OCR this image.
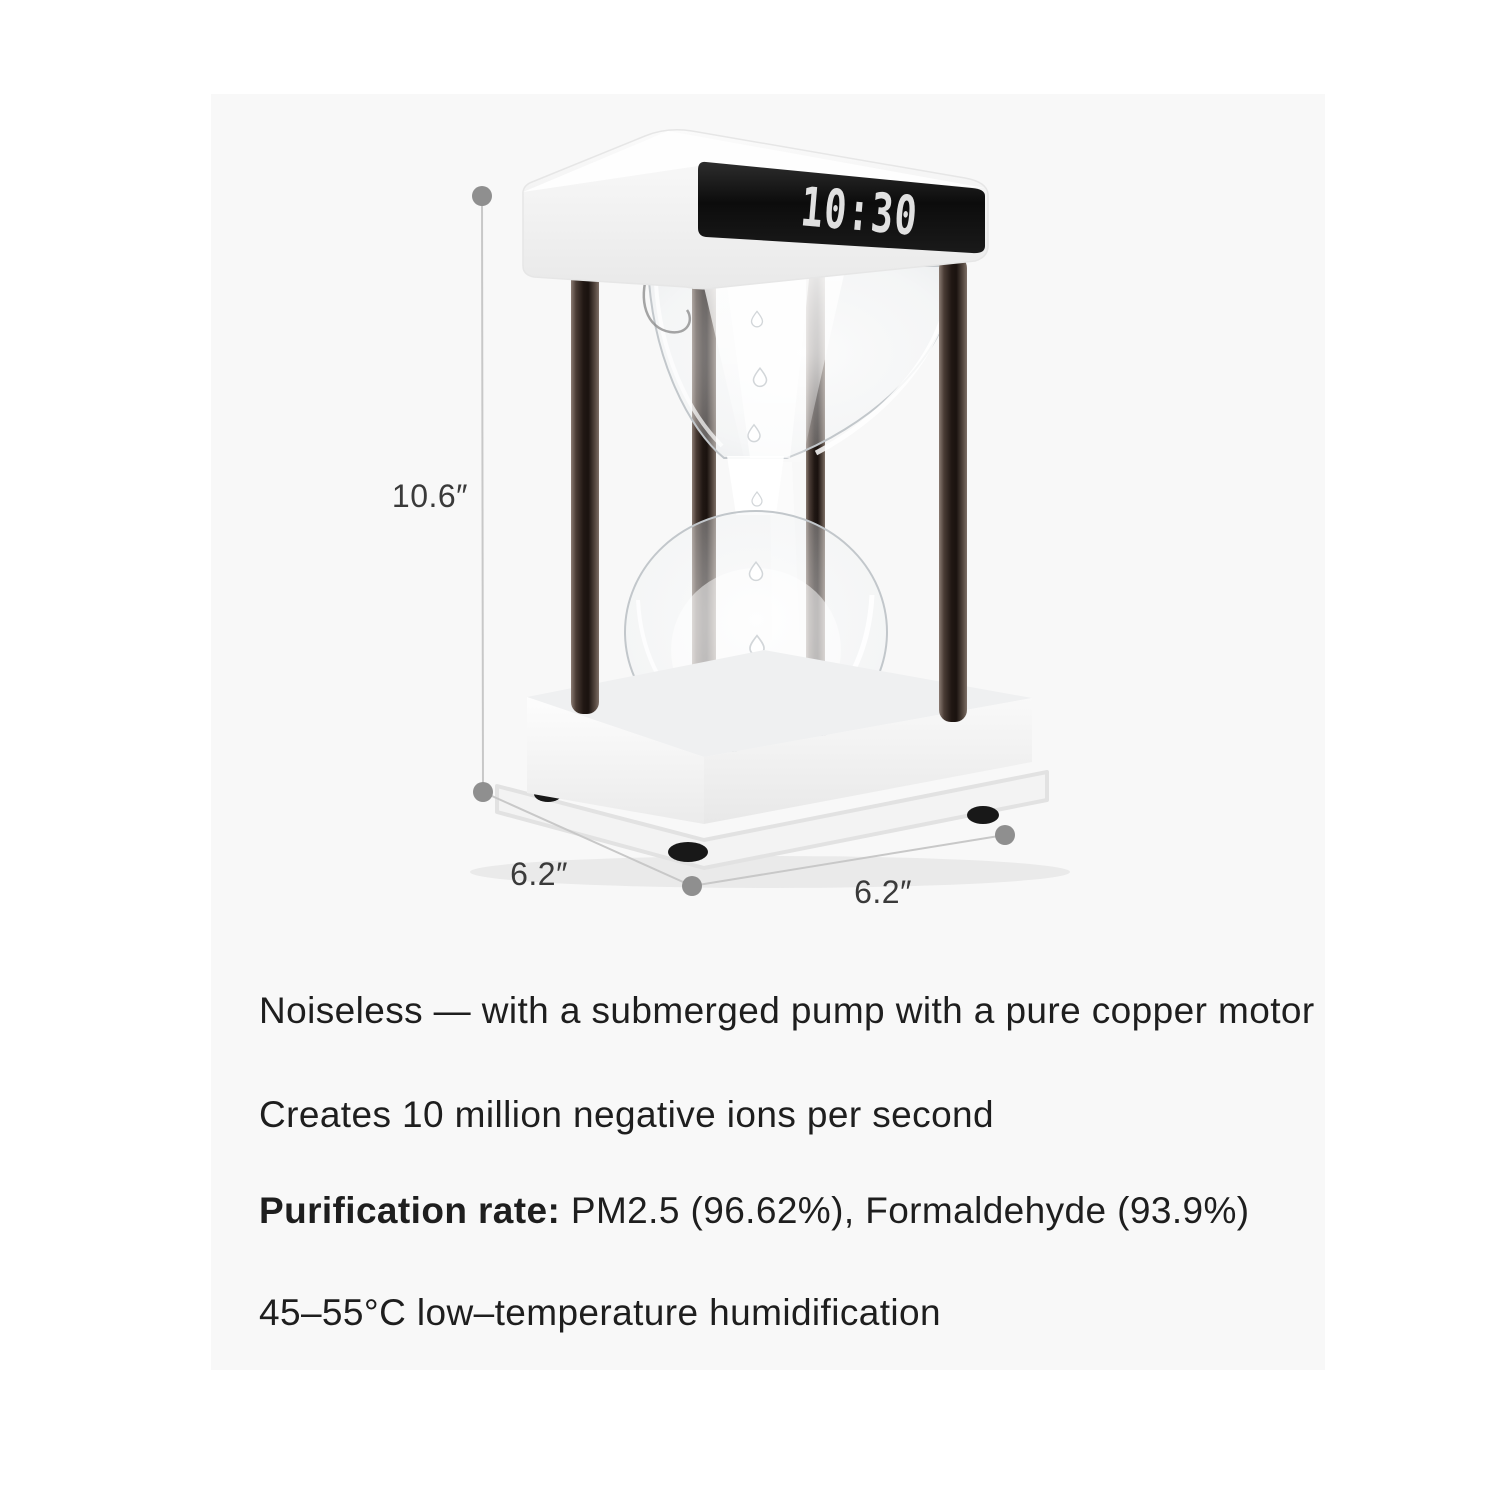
10:30
10.6″
6.2″	6.2″
Noiseless — with a submerged pump with a pure copper motor
Creates 10 million negative ions per second
Purification rate: PM2.5 (96.62%), Formaldehyde (93.9%)
45–55°C low–temperature humidification
